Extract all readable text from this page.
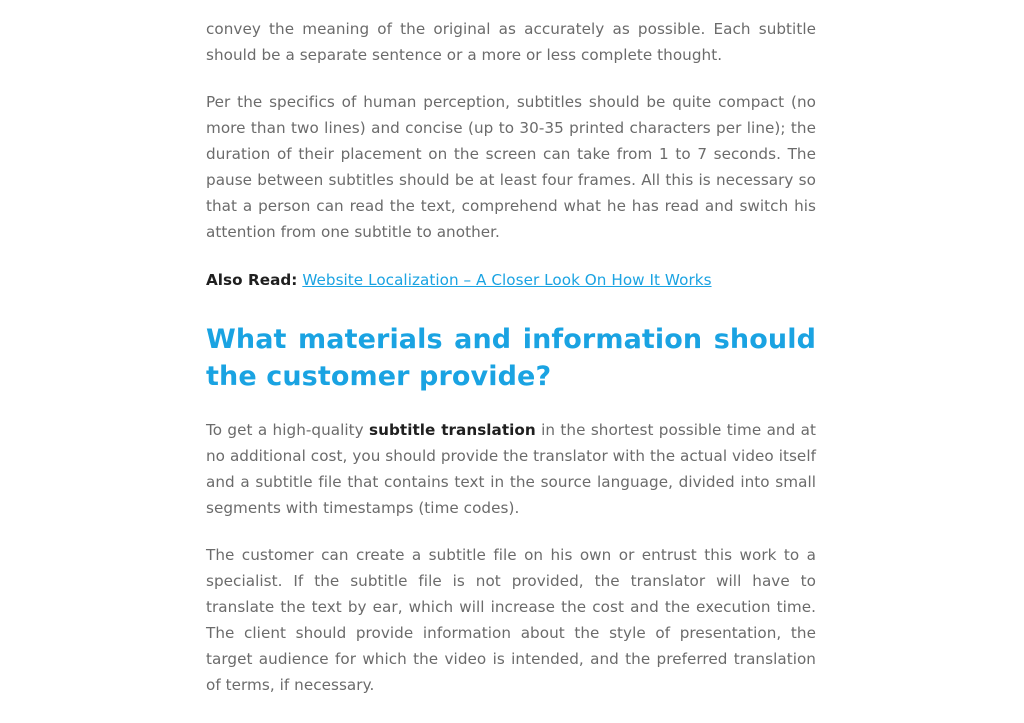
convey the meaning of the original as accurately as possible. Each subtitle should be a separate sentence or a more or less complete thought.

Per the specifics of human perception, subtitles should be quite compact (no more than two lines) and concise (up to 30-35 printed characters per line); the duration of their placement on the screen can take from 1 to 7 seconds. The pause between subtitles should be at least four frames. All this is necessary so that a person can read the text, comprehend what he has read and switch his attention from one subtitle to another.

Also Read: Website Localization – A Closer Look On How It Works

What materials and information should the customer provide?

To get a high-quality subtitle translation in the shortest possible time and at no additional cost, you should provide the translator with the actual video itself and a subtitle file that contains text in the source language, divided into small segments with timestamps (time codes).

The customer can create a subtitle file on his own or entrust this work to a specialist. If the subtitle file is not provided, the translator will have to translate the text by ear, which will increase the cost and the execution time. The client should provide information about the style of presentation, the target audience for which the video is intended, and the preferred translation of terms, if necessary.
